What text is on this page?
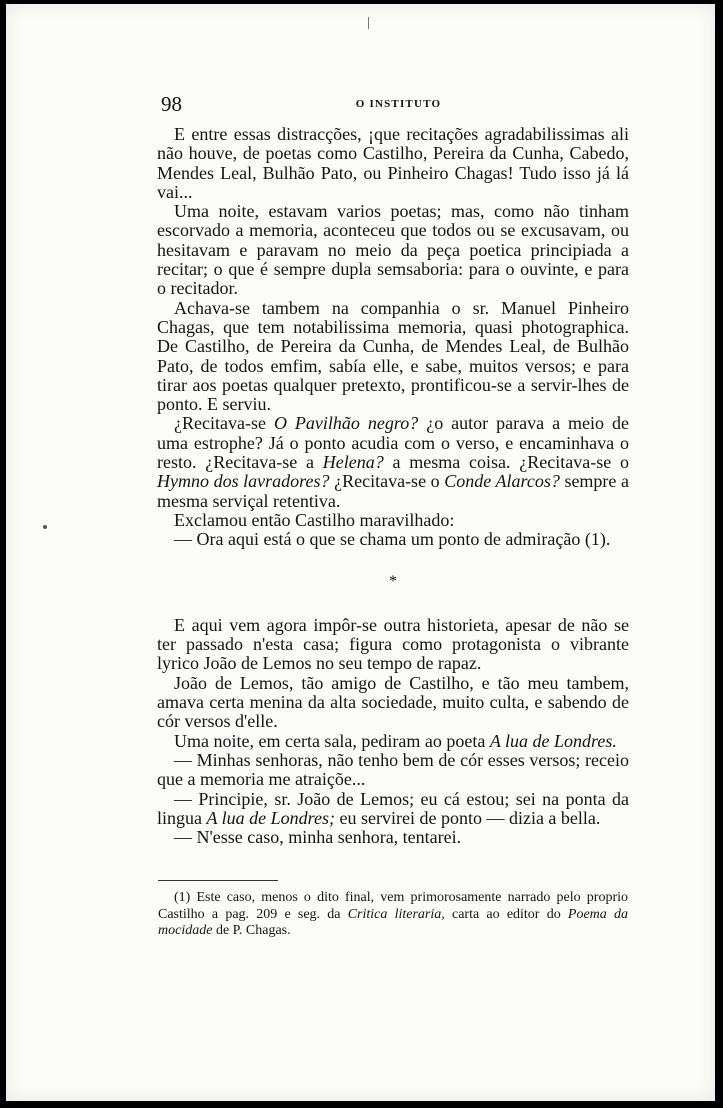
98	O INSTITUTO

E entre essas distracções, ¡que recitações agradabilissimas ali não houve, de poetas como Castilho, Pereira da Cunha, Cabedo, Mendes Leal, Bulhão Pato, ou Pinheiro Chagas! Tudo isso já lá vai...

Uma noite, estavam varios poetas; mas, como não tinham escorvado a memoria, aconteceu que todos ou se excusavam, ou hesitavam e paravam no meio da peça poetica principiada a recitar; o que é sempre dupla semsaboria: para o ouvinte, e para o recitador.

Achava-se tambem na companhia o sr. Manuel Pinheiro Chagas, que tem notabilissima memoria, quasi photographica. De Castilho, de Pereira da Cunha, de Mendes Leal, de Bulhão Pato, de todos emfim, sabía elle, e sabe, muitos versos; e para tirar aos poetas qualquer pretexto, prontificou-se a servir-lhes de ponto. E serviu.

¿Recitava-se O Pavilhão negro? ¿o autor parava a meio de uma estrophe? Já o ponto acudia com o verso, e encaminhava o resto. ¿Recitava-se a Helena? a mesma coisa. ¿Recitava-se o Hymno dos lavradores? ¿Recitava-se o Conde Alarcos? sempre a mesma serviçal retentiva.

Exclamou então Castilho maravilhado:

— Ora aqui está o que se chama um ponto de admiração (1).

*

E aqui vem agora impôr-se outra historieta, apesar de não se ter passado n'esta casa; figura como protagonista o vibrante lyrico João de Lemos no seu tempo de rapaz.

João de Lemos, tão amigo de Castilho, e tão meu tambem, amava certa menina da alta sociedade, muito culta, e sabendo de cór versos d'elle.

Uma noite, em certa sala, pediram ao poeta A lua de Londres.

— Minhas senhoras, não tenho bem de cór esses versos; receio que a memoria me atraiçõe...

— Principie, sr. João de Lemos; eu cá estou; sei na ponta da lingua A lua de Londres; eu servirei de ponto — dizia a bella.

— N'esse caso, minha senhora, tentarei.

(1) Este caso, menos o dito final, vem primorosamente narrado pelo proprio Castilho a pag. 209 e seg. da Critica literaria, carta ao editor do Poema da mocidade de P. Chagas.
